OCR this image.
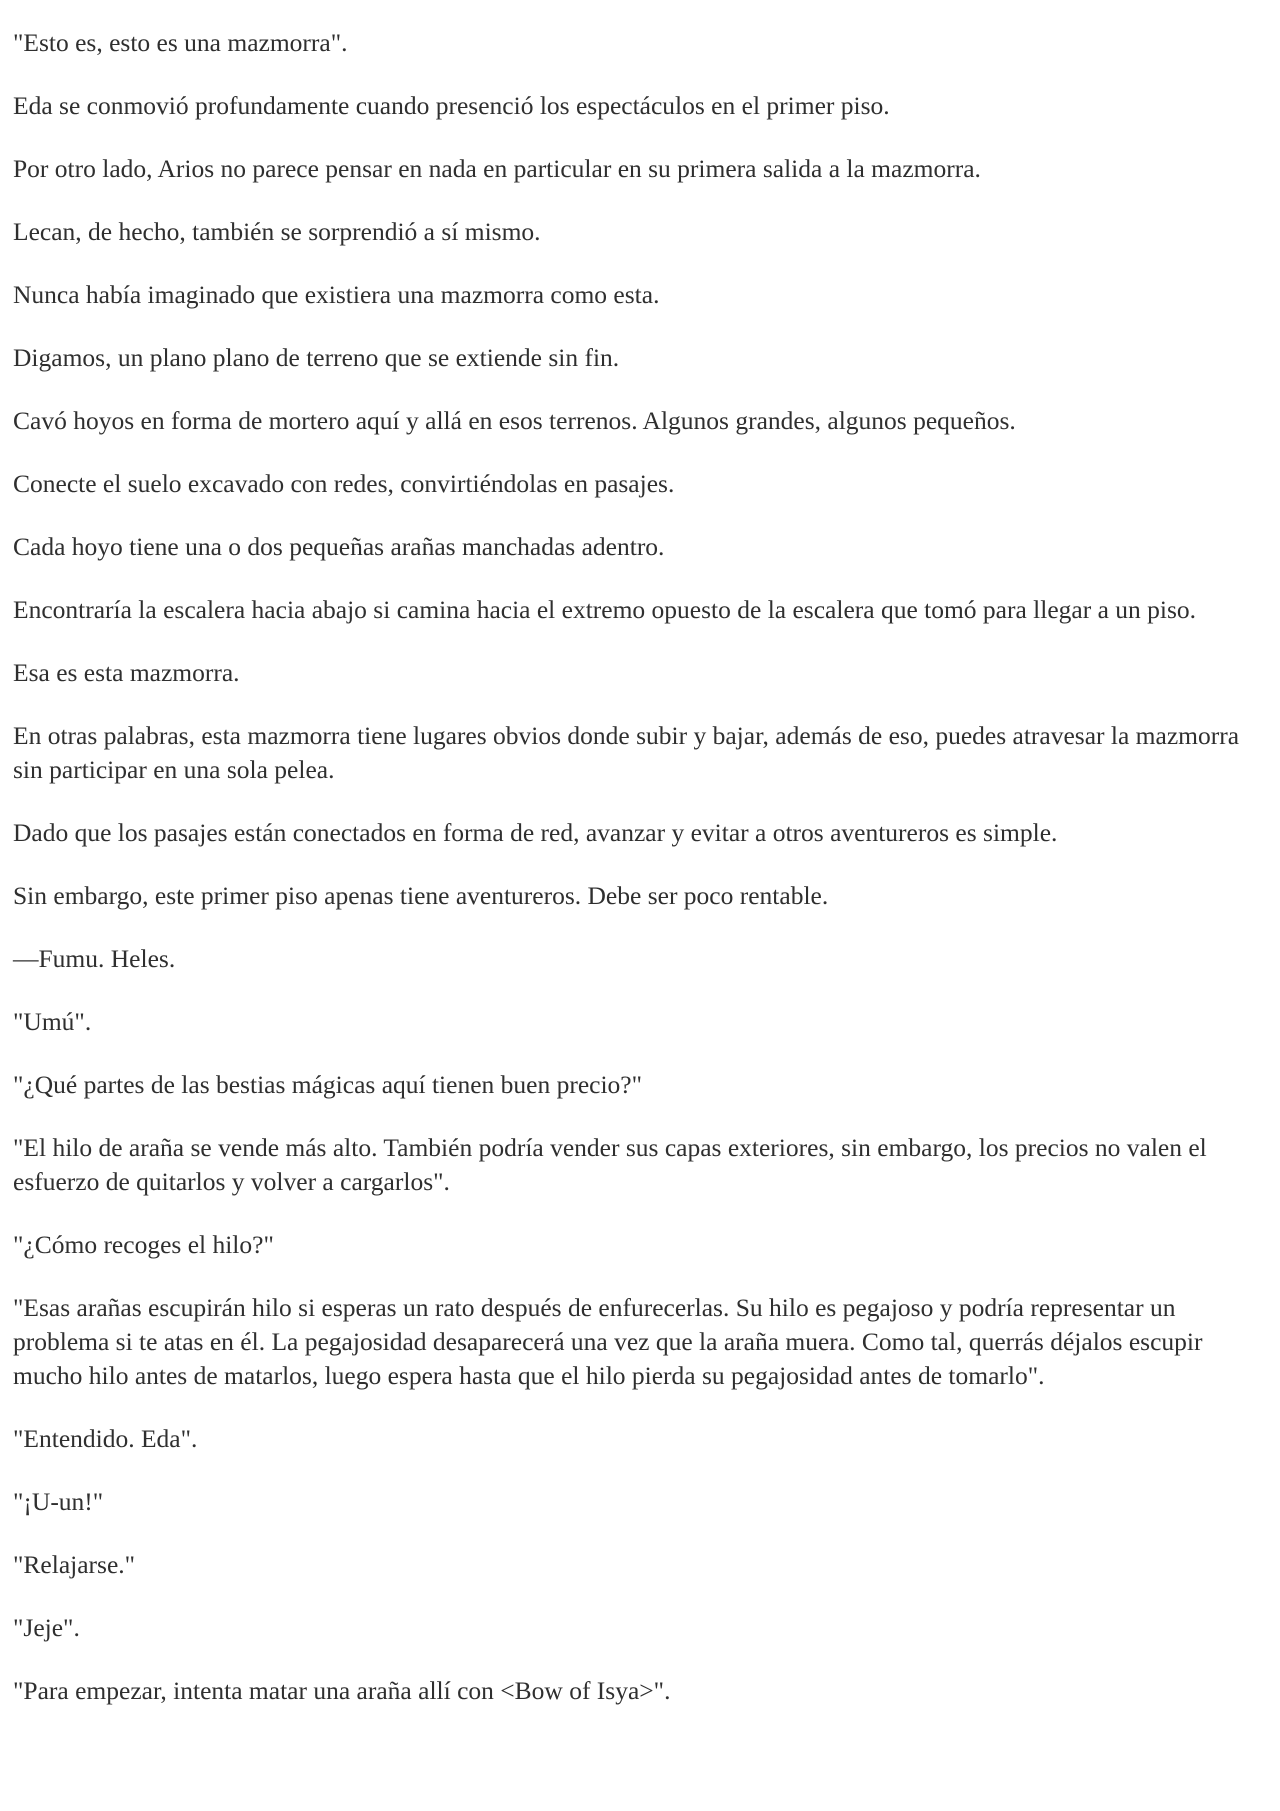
"Esto es, esto es una mazmorra".

Eda se conmovió profundamente cuando presenció los espectáculos en el primer piso.

Por otro lado, Arios no parece pensar en nada en particular en su primera salida a la mazmorra.

Lecan, de hecho, también se sorprendió a sí mismo.

Nunca había imaginado que existiera una mazmorra como esta.

Digamos, un plano plano de terreno que se extiende sin fin.

Cavó hoyos en forma de mortero aquí y allá en esos terrenos. Algunos grandes, algunos pequeños.

Conecte el suelo excavado con redes, convirtiéndolas en pasajes.

Cada hoyo tiene una o dos pequeñas arañas manchadas adentro.

Encontraría la escalera hacia abajo si camina hacia el extremo opuesto de la escalera que tomó para llegar a un piso.

Esa es esta mazmorra.

En otras palabras, esta mazmorra tiene lugares obvios donde subir y bajar, además de eso, puedes atravesar la mazmorra sin participar en una sola pelea.

Dado que los pasajes están conectados en forma de red, avanzar y evitar a otros aventureros es simple.

Sin embargo, este primer piso apenas tiene aventureros. Debe ser poco rentable.

—Fumu. Heles.

"Umú".

"¿Qué partes de las bestias mágicas aquí tienen buen precio?"

"El hilo de araña se vende más alto. También podría vender sus capas exteriores, sin embargo, los precios no valen el esfuerzo de quitarlos y volver a cargarlos".

"¿Cómo recoges el hilo?"

"Esas arañas escupirán hilo si esperas un rato después de enfurecerlas. Su hilo es pegajoso y podría representar un problema si te atas en él. La pegajosidad desaparecerá una vez que la araña muera. Como tal, querrás déjalos escupir mucho hilo antes de matarlos, luego espera hasta que el hilo pierda su pegajosidad antes de tomarlo".

"Entendido. Eda".

"¡U-un!"

"Relajarse."

"Jeje".

"Para empezar, intenta matar una araña allí con <Bow of Isya>".
